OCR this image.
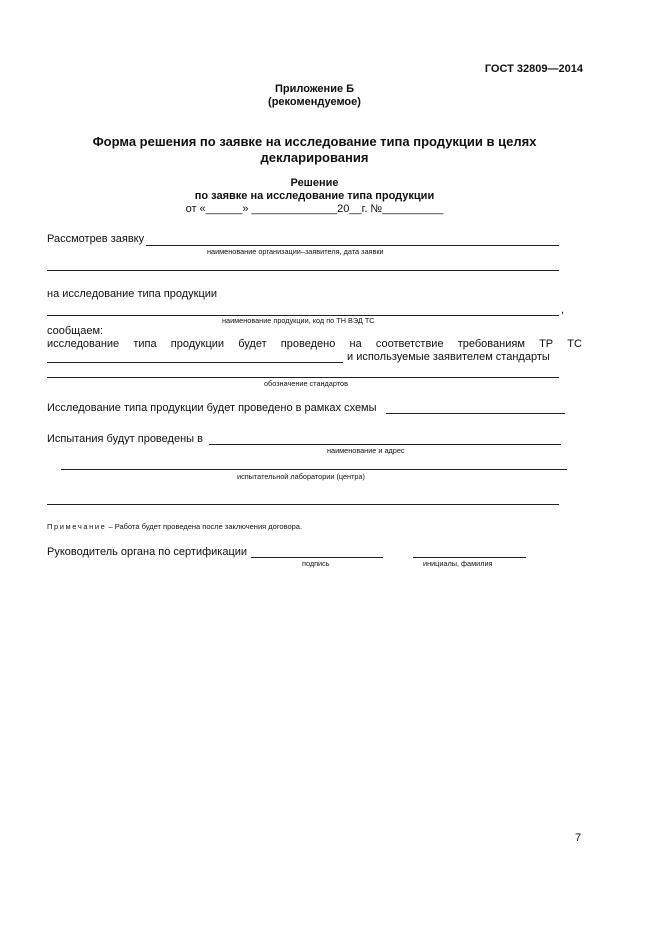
ГОСТ 32809—2014
Приложение Б
(рекомендуемое)
Форма решения по заявке на исследование типа продукции в целях
декларирования
Решение
по заявке на исследование типа продукции
от «______» ______________20__г. №__________
Рассмотрев заявку
наименование организации–заявителя, дата заявки
на исследование типа продукции
,
наименование продукции, код по ТН ВЭД ТС
сообщаем:
исследование типа продукции будет проведено на соответствие требованиям ТР ТС
и используемые заявителем стандарты
обозначение стандартов
Исследование типа продукции будет проведено в рамках схемы
Испытания будут проведены в
наименование и адрес
испытательной лаборатории (центра)
Примечание – Работа будет проведена после заключения договора.
Руководитель органа по сертификации
подпись	инициалы, фамилия
7
